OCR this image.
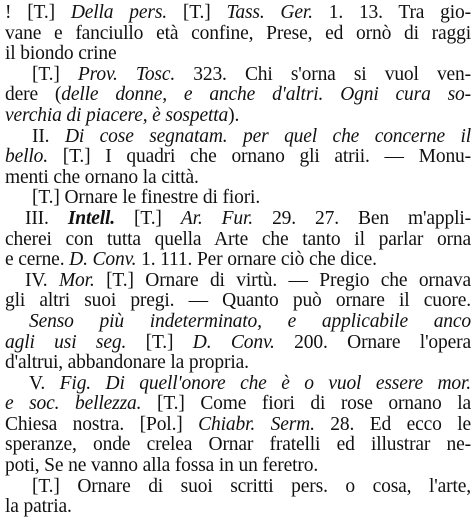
! [T.] Della pers. [T.] Tass. Ger. 1. 13. Tra gio-
vane e fanciullo età confine, Prese, ed ornò di raggi
il biondo crine
[T.] Prov. Tosc. 323. Chi s'orna si vuol ven-
dere (delle donne, e anche d'altri. Ogni cura so-
verchia di piacere, è sospetta).
II. Di cose segnatam. per quel che concerne il
bello. [T.] I quadri che ornano gli atrii. — Monu-
menti che ornano la città.
[T.] Ornare le finestre di fiori.
III. Intell. [T.] Ar. Fur. 29. 27. Ben m'appli-
cherei con tutta quella Arte che tanto il parlar orna
e cerne. D. Conv. 1. 111. Per ornare ciò che dice.
IV. Mor. [T.] Ornare di virtù. — Pregio che ornava
gli altri suoi pregi. — Quanto può ornare il cuore.
Senso più indeterminato, e applicabile anco
agli usi seg. [T.] D. Conv. 200. Ornare l'opera
d'altrui, abbandonare la propria.
V. Fig. Di quell'onore che è o vuol essere mor.
e soc. bellezza. [T.] Come fiori di rose ornano la
Chiesa nostra. [Pol.] Chiabr. Serm. 28. Ed ecco le
speranze, onde crelea Ornar fratelli ed illustrar ne-
poti, Se ne vanno alla fossa in un feretro.
[T.] Ornare di suoi scritti pers. o cosa, l'arte,
la patria.
